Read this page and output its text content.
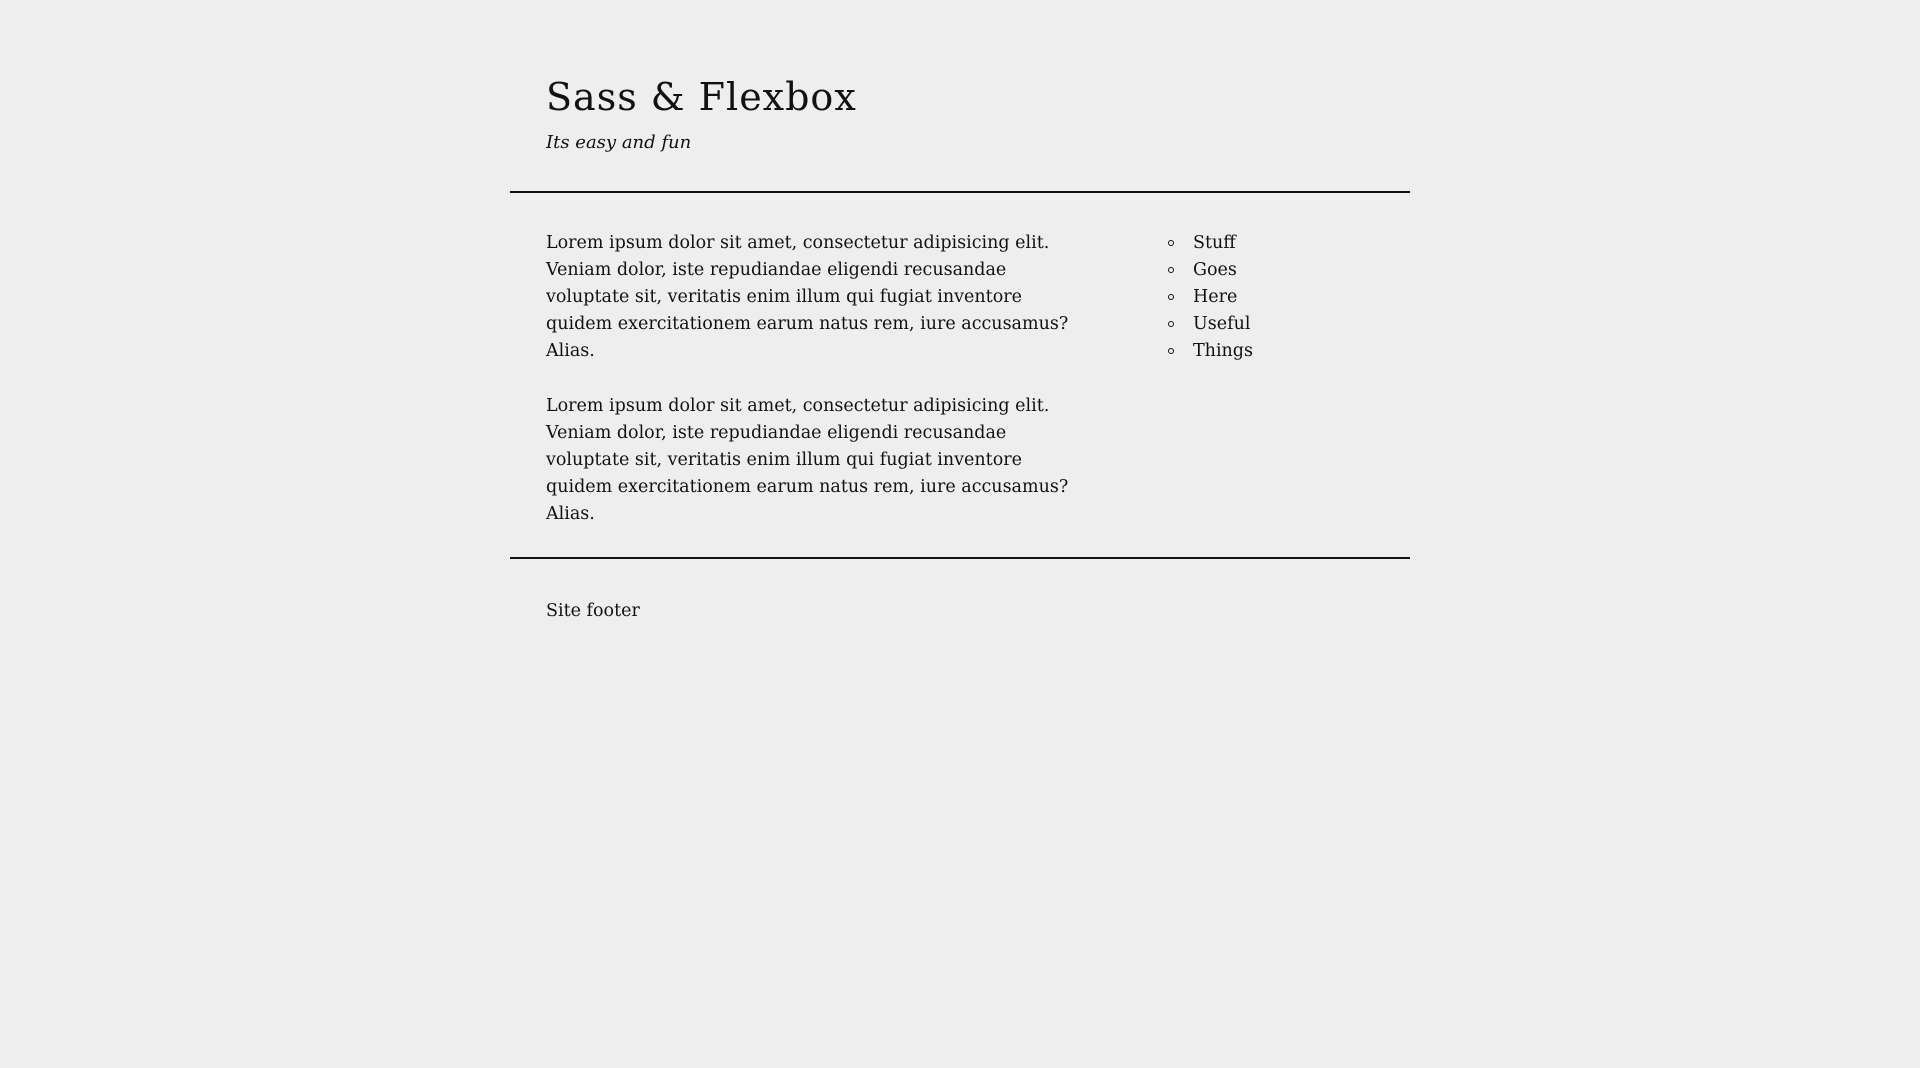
Sass & Flexbox

Its easy and fun

Lorem ipsum dolor sit amet, consectetur adipisicing elit. Veniam dolor, iste repudiandae eligendi recusandae voluptate sit, veritatis enim illum qui fugiat inventore quidem exercitationem earum natus rem, iure accusamus? Alias.

Lorem ipsum dolor sit amet, consectetur adipisicing elit. Veniam dolor, iste repudiandae eligendi recusandae voluptate sit, veritatis enim illum qui fugiat inventore quidem exercitationem earum natus rem, iure accusamus? Alias.

Stuff
Goes
Here
Useful
Things
Site footer
